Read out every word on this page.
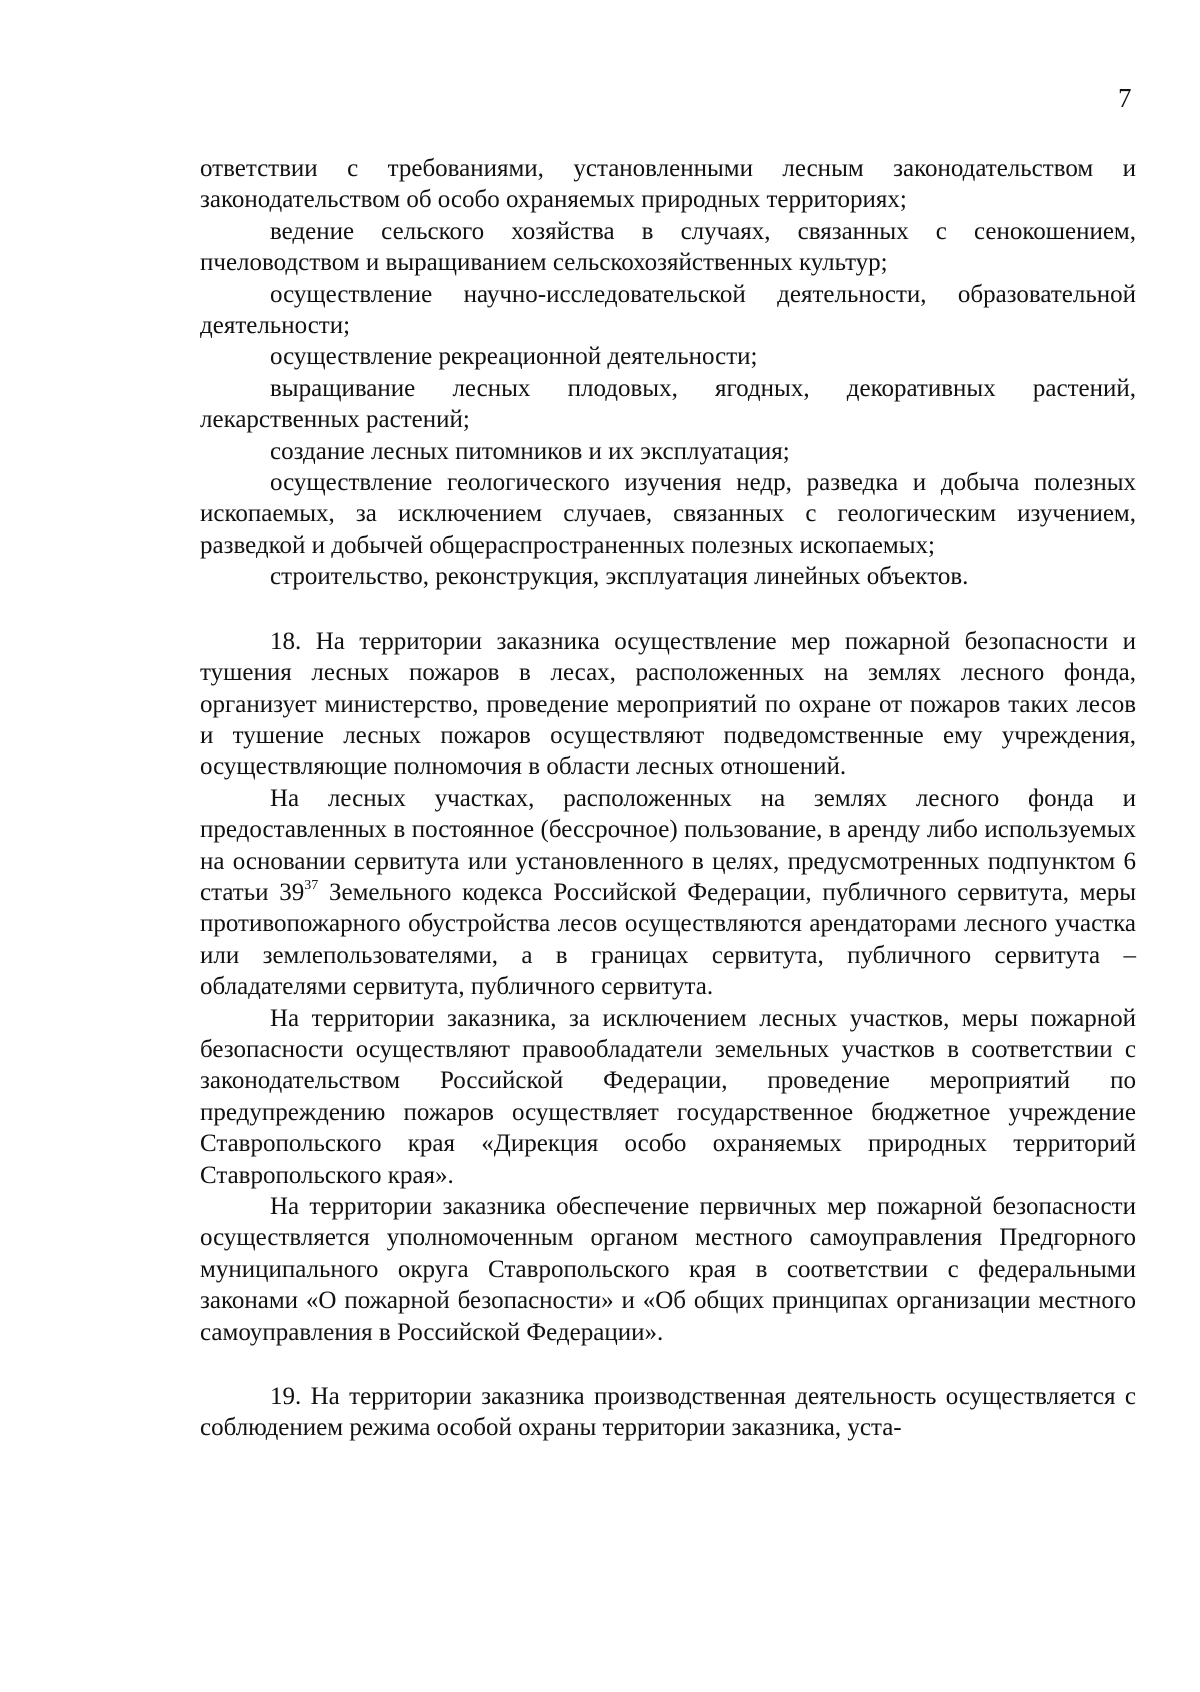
7

ответствии с требованиями, установленными лесным законодательством и законодательством об особо охраняемых природных территориях;

ведение сельского хозяйства в случаях, связанных с сенокошением, пчеловодством и выращиванием сельскохозяйственных культур;

осуществление научно-исследовательской деятельности, образовательной деятельности;

осуществление рекреационной деятельности;

выращивание лесных плодовых, ягодных, декоративных растений, лекарственных растений;

создание лесных питомников и их эксплуатация;

осуществление геологического изучения недр, разведка и добыча полезных ископаемых, за исключением случаев, связанных с геологическим изучением, разведкой и добычей общераспространенных полезных ископаемых;

строительство, реконструкция, эксплуатация линейных объектов.

18. На территории заказника осуществление мер пожарной безопасности и тушения лесных пожаров в лесах, расположенных на землях лесного фонда, организует министерство, проведение мероприятий по охране от пожаров таких лесов и тушение лесных пожаров осуществляют подведомственные ему учреждения, осуществляющие полномочия в области лесных отношений.

На лесных участках, расположенных на землях лесного фонда и предоставленных в постоянное (бессрочное) пользование, в аренду либо используемых на основании сервитута или установленного в целях, предусмотренных подпунктом 6 статьи $39^{37}$ Земельного кодекса Российской Федерации, публичного сервитута, меры противопожарного обустройства лесов осуществляются арендаторами лесного участка или землепользователями, а в границах сервитута, публичного сервитута – обладателями сервитута, публичного сервитута.

На территории заказника, за исключением лесных участков, меры пожарной безопасности осуществляют правообладатели земельных участков в соответствии с законодательством Российской Федерации, проведение мероприятий по предупреждению пожаров осуществляет государственное бюджетное учреждение Ставропольского края «Дирекция особо охраняемых природных территорий Ставропольского края».

На территории заказника обеспечение первичных мер пожарной безопасности осуществляется уполномоченным органом местного самоуправления Предгорного муниципального округа Ставропольского края в соответствии с федеральными законами «О пожарной безопасности» и «Об общих принципах организации местного самоуправления в Российской Федерации».

19. На территории заказника производственная деятельность осуществляется с соблюдением режима особой охраны территории заказника, уста-
